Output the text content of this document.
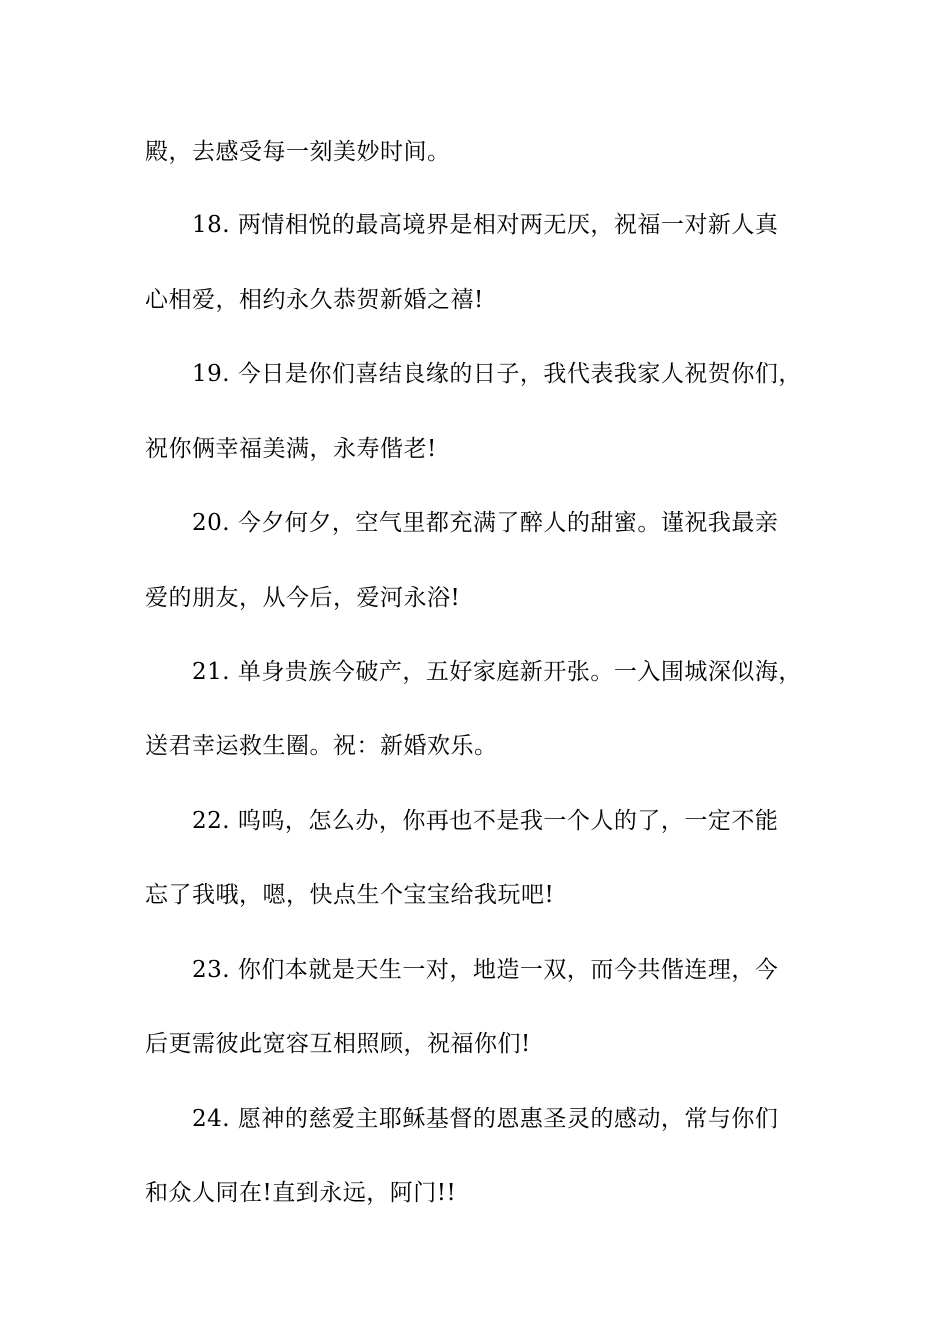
殿，去感受每一刻美妙时间。
18. 两情相悦的最高境界是相对两无厌，祝福一对新人真
心相爱，相约永久恭贺新婚之禧!
19. 今日是你们喜结良缘的日子，我代表我家人祝贺你们，
祝你俩幸福美满，永寿偕老!
20. 今夕何夕，空气里都充满了醉人的甜蜜。谨祝我最亲
爱的朋友，从今后，爱河永浴!
21. 单身贵族今破产，五好家庭新开张。一入围城深似海，
送君幸运救生圈。祝：新婚欢乐。
22. 呜呜，怎么办，你再也不是我一个人的了，一定不能
忘了我哦，嗯，快点生个宝宝给我玩吧!
23. 你们本就是天生一对，地造一双，而今共偕连理，今
后更需彼此宽容互相照顾，祝福你们!
24. 愿神的慈爱主耶稣基督的恩惠圣灵的感动，常与你们
和众人同在!直到永远，阿门!!
